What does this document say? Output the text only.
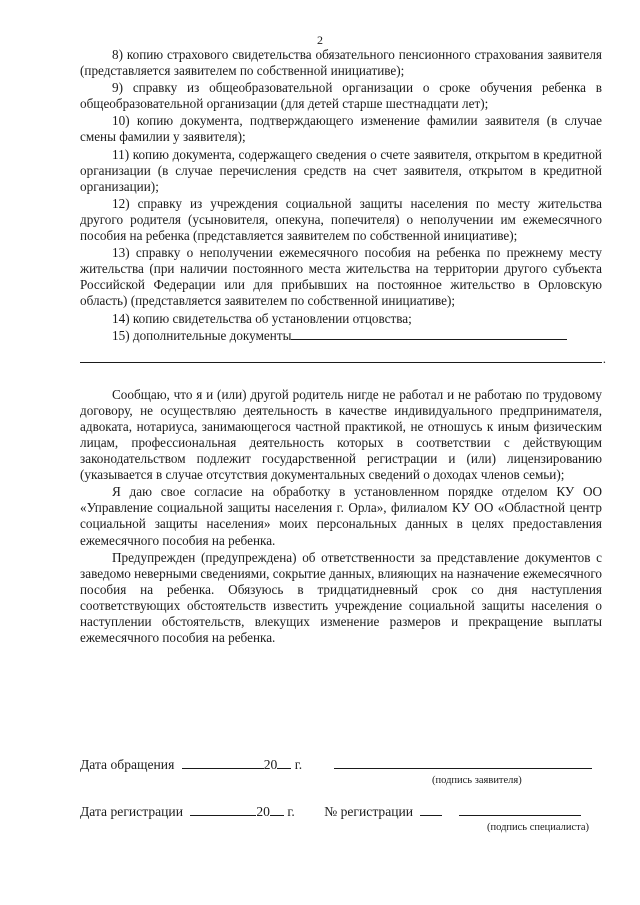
2

8) копию страхового свидетельства обязательного пенсионного страхования заявителя (представляется заявителем по собственной инициативе);

9) справку из общеобразовательной организации о сроке обучения ребенка в общеобразовательной организации (для детей старше шестнадцати лет);

10) копию документа, подтверждающего изменение фамилии заявителя (в случае смены фамилии у заявителя);

11) копию документа, содержащего сведения о счете заявителя, открытом в кредитной организации (в случае перечисления средств на счет заявителя, открытом в кредитной организации);

12) справку из учреждения социальной защиты населения по месту жительства другого родителя (усыновителя, опекуна, попечителя) о неполучении им ежемесячного пособия на ребенка (представляется заявителем по собственной инициативе);

13) справку о неполучении ежемесячного пособия на ребенка по прежнему месту жительства (при наличии постоянного места жительства на территории другого субъекта Российской Федерации или для прибывших на постоянное жительство в Орловскую область) (представляется заявителем по собственной инициативе);

14) копию свидетельства об установлении отцовства;

15) дополнительные документы

.

Сообщаю, что я и (или) другой родитель нигде не работал и не работаю по трудовому договору, не осуществляю деятельность в качестве индивидуального предпринимателя, адвоката, нотариуса, занимающегося частной практикой, не отношусь к иным физическим лицам, профессиональная деятельность которых в соответствии с действующим законодательством подлежит государственной регистрации и (или) лицензированию (указывается в случае отсутствия документальных сведений о доходах членов семьи);

Я даю свое согласие на обработку в установленном порядке отделом КУ ОО «Управление социальной защиты населения г. Орла», филиалом КУ ОО «Областной центр социальной защиты населения» моих персональных данных в целях предоставления ежемесячного пособия на ребенка.

Предупрежден (предупреждена) об ответственности за представление документов с заведомо неверными сведениями, сокрытие данных, влияющих на назначение ежемесячного пособия на ребенка. Обязуюсь в тридцатидневный срок со дня наступления соответствующих обстоятельств известить учреждение социальной защиты населения о наступлении обстоятельств, влекущих изменение размеров и прекращение выплаты ежемесячного пособия на ребенка.

Дата обращения	20 г.
(подпись заявителя)
Дата регистрации	20 г. № регистрации
(подпись специалиста)
